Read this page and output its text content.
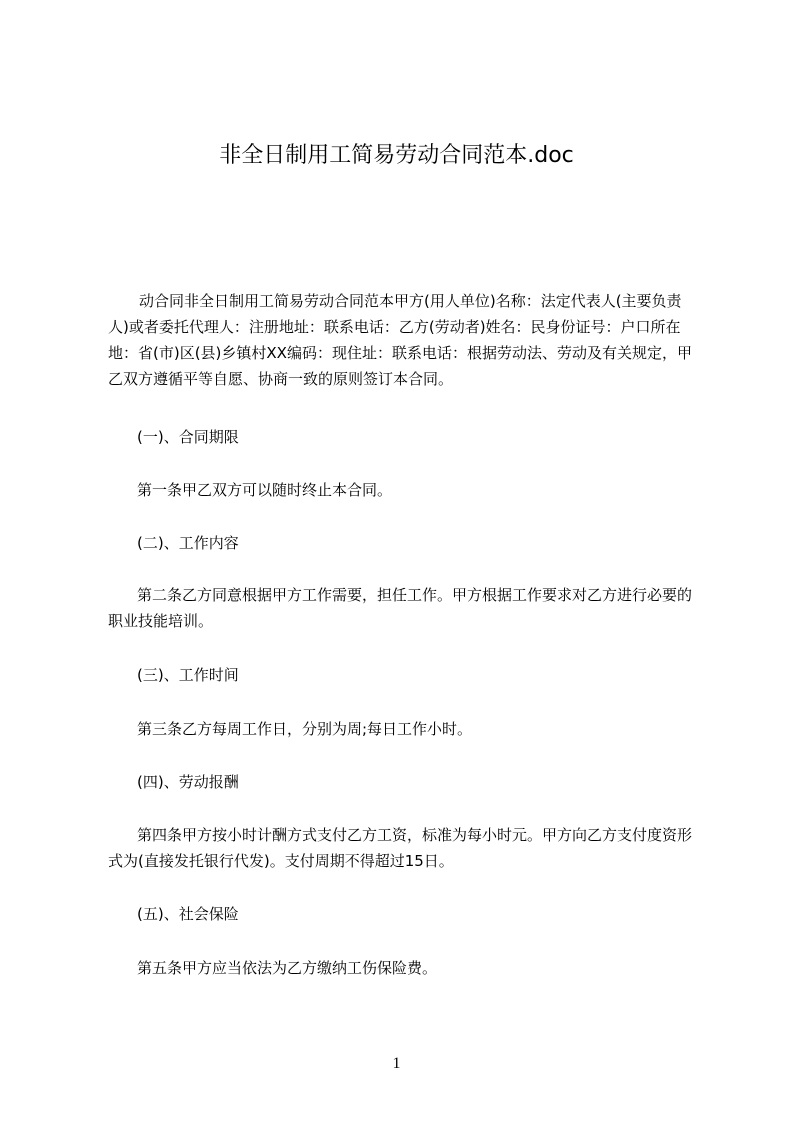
非全日制用工简易劳动合同范本.doc
动合同非全日制用工简易劳动合同范本甲方(用人单位)名称：法定代表人(主要负责人)或者委托代理人：注册地址：联系电话：乙方(劳动者)姓名：民身份证号：户口所在地：省(市)区(县)乡镇村XX编码：现住址：联系电话：根据劳动法、劳动及有关规定，甲乙双方遵循平等自愿、协商一致的原则签订本合同。
(一)、合同期限
第一条甲乙双方可以随时终止本合同。
(二)、工作内容
第二条乙方同意根据甲方工作需要，担任工作。甲方根据工作要求对乙方进行必要的职业技能培训。
(三)、工作时间
第三条乙方每周工作日，分别为周;每日工作小时。
(四)、劳动报酬
第四条甲方按小时计酬方式支付乙方工资，标准为每小时元。甲方向乙方支付度资形式为(直接发托银行代发)。支付周期不得超过15日。
(五)、社会保险
第五条甲方应当依法为乙方缴纳工伤保险费。
1
